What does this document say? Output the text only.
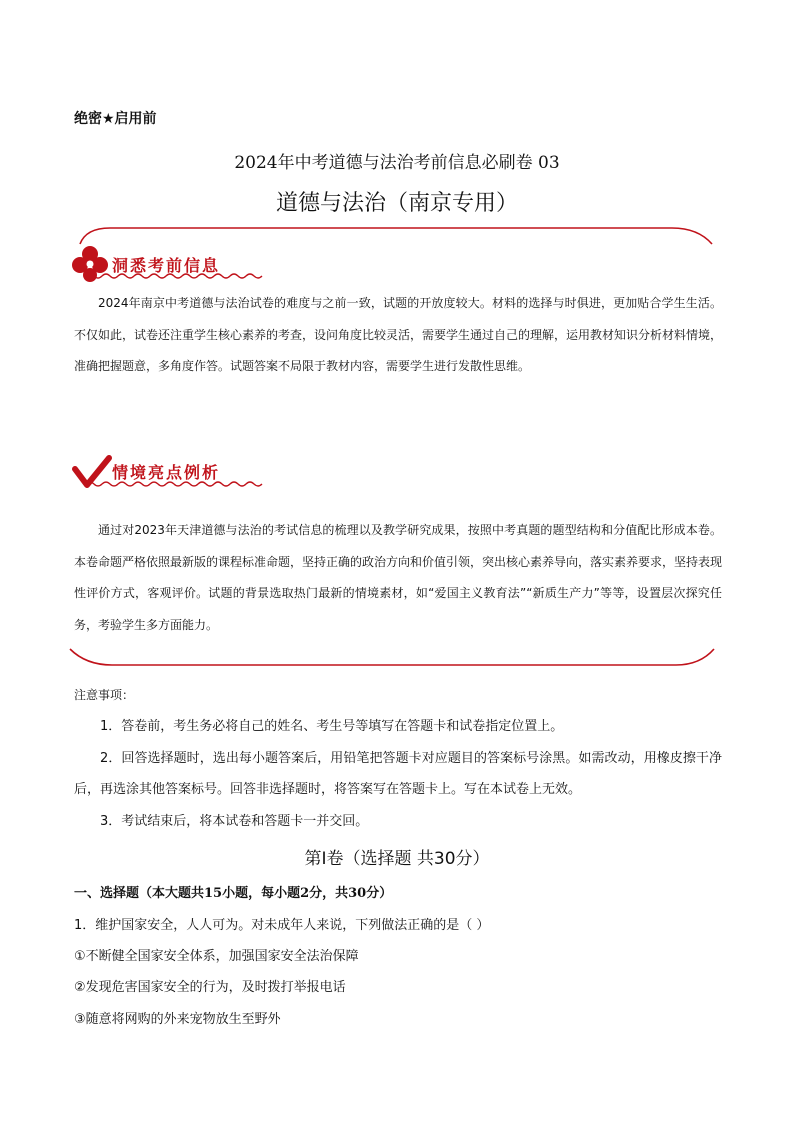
绝密★启用前
2024年中考道德与法治考前信息必刷卷 03
道德与法治（南京专用）
洞悉考前信息

2024年南京中考道德与法治试卷的难度与之前一致，试题的开放度较大。材料的选择与时俱进，更加贴合学生生活。不仅如此，试卷还注重学生核心素养的考查，设问角度比较灵活，需要学生通过自己的理解，运用教材知识分析材料情境，准确把握题意，多角度作答。试题答案不局限于教材内容，需要学生进行发散性思维。

情境亮点例析

通过对2023年天津道德与法治的考试信息的梳理以及教学研究成果，按照中考真题的题型结构和分值配比形成本卷。本卷命题严格依照最新版的课程标准命题，坚持正确的政治方向和价值引领，突出核心素养导向，落实素养要求，坚持表现性评价方式，客观评价。试题的背景选取热门最新的情境素材，如“爱国主义教育法”“新质生产力”等等，设置层次探究任务，考验学生多方面能力。

注意事项：
1．答卷前，考生务必将自己的姓名、考生号等填写在答题卡和试卷指定位置上。
2．回答选择题时，选出每小题答案后，用铅笔把答题卡对应题目的答案标号涂黑。如需改动，用橡皮擦干净后，再选涂其他答案标号。回答非选择题时，将答案写在答题卡上。写在本试卷上无效。
3．考试结束后，将本试卷和答题卡一并交回。
第Ⅰ卷（选择题 共30分）
一、选择题（本大题共15小题，每小题2分，共30分）
1．维护国家安全，人人可为。对未成年人来说，下列做法正确的是（ ）
①不断健全国家安全体系，加强国家安全法治保障
②发现危害国家安全的行为，及时拨打举报电话
③随意将网购的外来宠物放生至野外
